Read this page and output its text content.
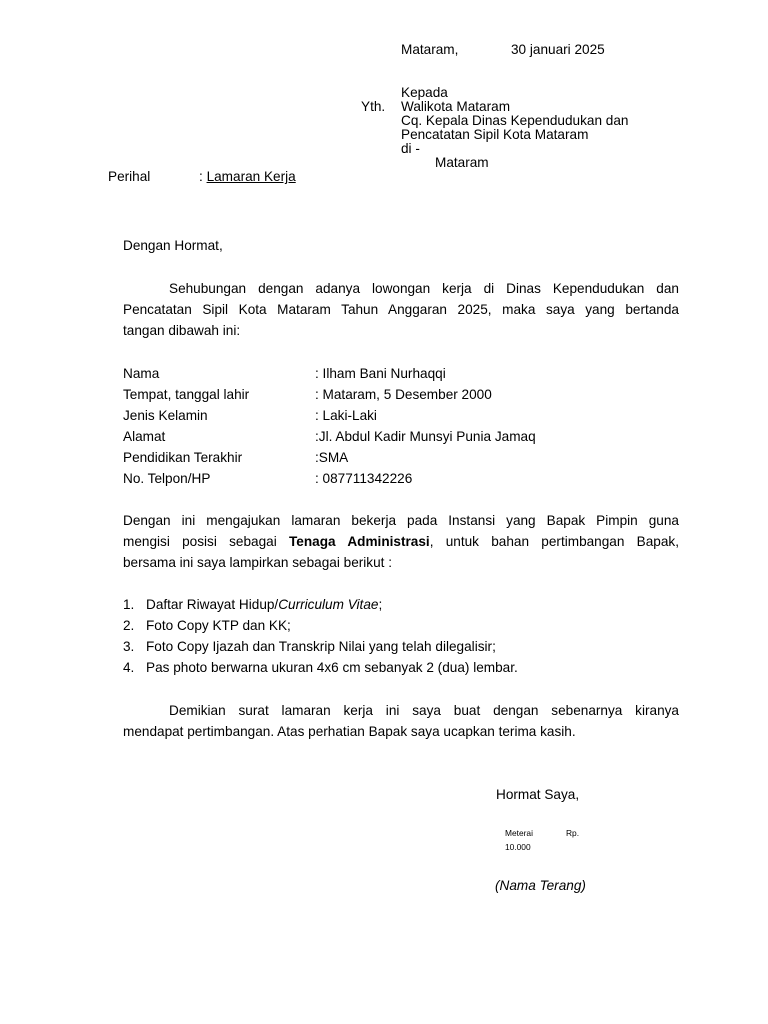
Mataram,	30 januari 2025
Kepada
Yth. Walikota Mataram
Cq. Kepala Dinas Kependudukan dan
Pencatatan Sipil Kota Mataram
di -
Mataram
Perihal	: Lamaran Kerja
Dengan Hormat,
Sehubungan dengan adanya lowongan kerja di Dinas Kependudukan dan
Pencatatan Sipil Kota Mataram Tahun Anggaran 2025, maka saya yang bertanda
tangan dibawah ini:
Nama	: Ilham Bani Nurhaqqi
Tempat, tanggal lahir	: Mataram, 5 Desember 2000
Jenis Kelamin	: Laki-Laki
Alamat	:Jl. Abdul Kadir Munsyi Punia Jamaq
Pendidikan Terakhir	:SMA
No. Telpon/HP	: 087711342226
Dengan ini mengajukan lamaran bekerja pada Instansi yang Bapak Pimpin guna
mengisi posisi sebagai Tenaga Administrasi, untuk bahan pertimbangan Bapak,
bersama ini saya lampirkan sebagai berikut :
1. Daftar Riwayat Hidup/Curriculum Vitae;
2. Foto Copy KTP dan KK;
3. Foto Copy Ijazah dan Transkrip Nilai yang telah dilegalisir;
4. Pas photo berwarna ukuran 4x6 cm sebanyak 2 (dua) lembar.
Demikian surat lamaran kerja ini saya buat dengan sebenarnya kiranya
mendapat pertimbangan. Atas perhatian Bapak saya ucapkan terima kasih.
Hormat Saya,
Meterai	Rp.
10.000
(Nama Terang)
